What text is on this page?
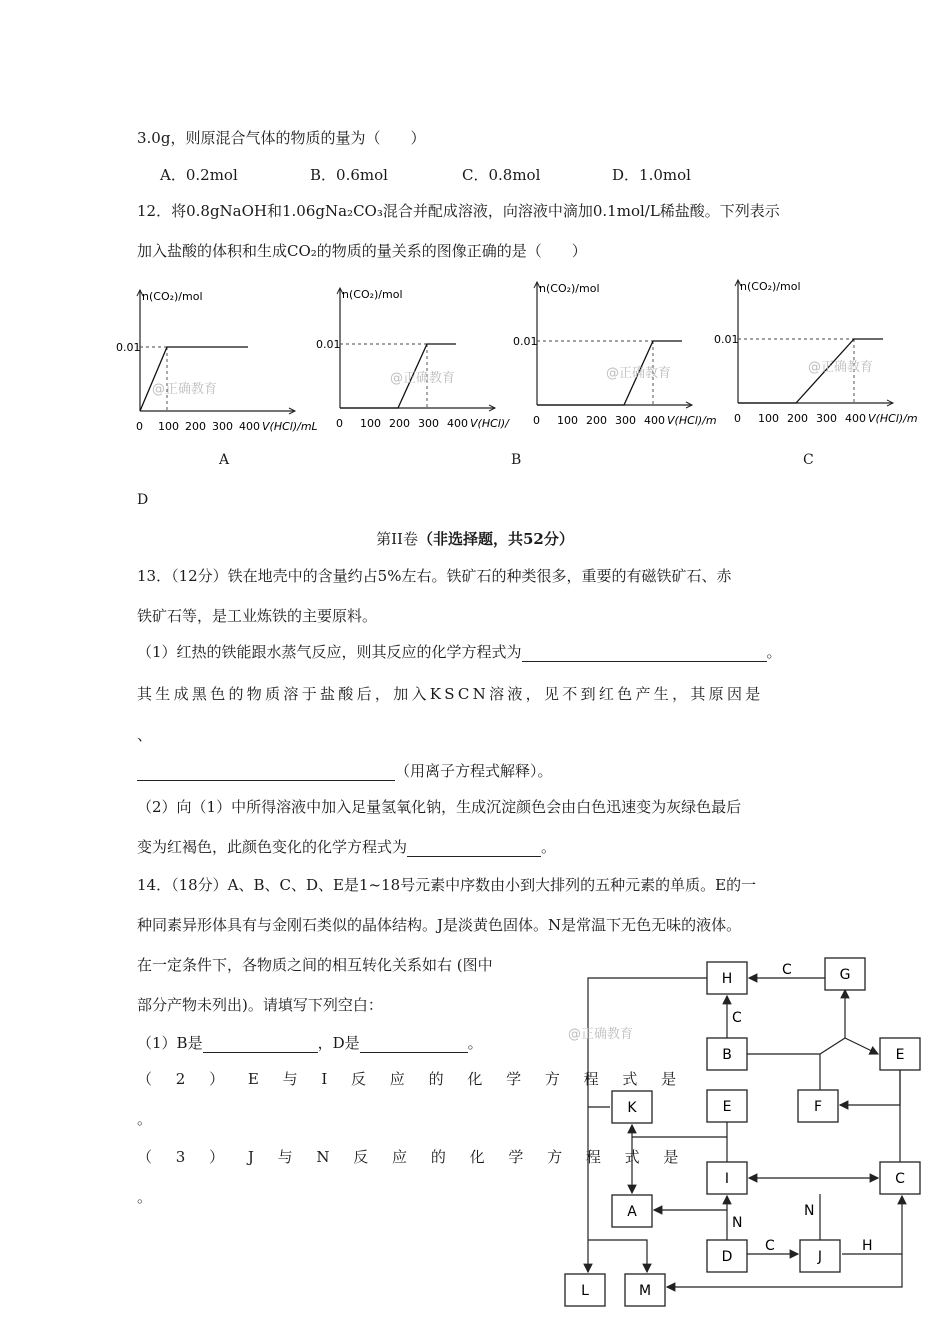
3.0g，则原混合气体的物质的量为（　　）
A．0.2mol	B．0.6mol	C．0.8mol	D．1.0mol
12．将0.8gNaOH和1.06gNa₂CO₃混合并配成溶液，向溶液中滴加0.1mol/L稀盐酸。下列表示
加入盐酸的体积和生成CO₂的物质的量关系的图像正确的是（　　）
n(CO₂)/mol
0.01
0 100 200 300 400 V(HCl)/mL
@正确教育
n(CO₂)/mol
0.01
0 100 200 300 400 V(HCl)/
@正确教育
n(CO₂)/mol
0.01
0 100 200 300 400 V(HCl)/m
@正确教育
n(CO₂)/mol
0.01
0 100 200 300 400 V(HCl)/m
@正确教育
A	B	C
D
第II卷（非选择题，共52分）
13．（12分）铁在地壳中的含量约占5%左右。铁矿石的种类很多，重要的有磁铁矿石、赤
铁矿石等，是工业炼铁的主要原料。
（1）红热的铁能跟水蒸气反应，则其反应的化学方程式为	。
其生成黑色的物质溶于盐酸后，加入KSCN溶液，见不到红色产生，其原因是
、
（用离子方程式解释）。
（2）向（1）中所得溶液中加入足量氢氧化钠，生成沉淀颜色会由白色迅速变为灰绿色最后
变为红褐色，此颜色变化的化学方程式为	。
14．（18分）A、B、C、D、E是1~18号元素中序数由小到大排列的五种元素的单质。E的一
种同素异形体具有与金刚石类似的晶体结构。J是淡黄色固体。N是常温下无色无味的液体。
在一定条件下，各物质之间的相互转化关系如右 (图中
部分产物未列出)。请填写下列空白：
（1）B是	，D是	。
（ 2 ） E 与 I 反 应 的 化 学 方 程 式 是
。
（ 3 ） J 与 N 反 应 的 化 学 方 程 式 是
。
H	G
B	E
K	E	F
I	C
A
D	J
L	M
C
C
N
N
C	H
@正确教育
